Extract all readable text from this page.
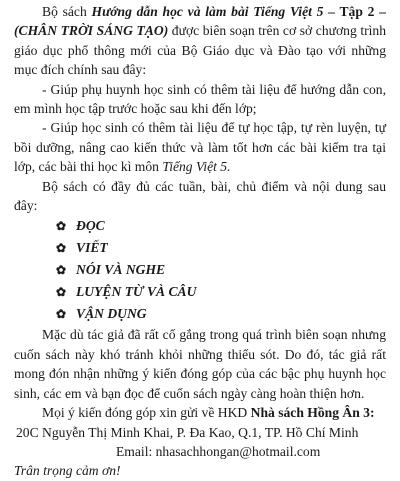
Bộ sách Hướng dẫn học và làm bài Tiếng Việt 5 – Tập 2 – (CHÂN TRỜI SÁNG TẠO) được biên soạn trên cơ sở chương trình giáo dục phổ thông mới của Bộ Giáo dục và Đào tạo với những mục đích chính sau đây:

- Giúp phụ huynh học sinh có thêm tài liệu để hướng dẫn con, em mình học tập trước hoặc sau khi đến lớp;

- Giúp học sinh có thêm tài liệu để tự học tập, tự rèn luyện, tự bồi dưỡng, nâng cao kiến thức và làm tốt hơn các bài kiểm tra tại lớp, các bài thi học kì môn Tiếng Việt 5.

Bộ sách có đầy đủ các tuần, bài, chủ điểm và nội dung sau đây:

✿ ĐỌC
✿ VIẾT
✿ NÓI VÀ NGHE
✿ LUYỆN TỪ VÀ CÂU
✿ VẬN DỤNG

Mặc dù tác giả đã rất cố gắng trong quá trình biên soạn nhưng cuốn sách này khó tránh khỏi những thiếu sót. Do đó, tác giả rất mong đón nhận những ý kiến đóng góp của các bậc phụ huynh học sinh, các em và bạn đọc để cuốn sách ngày càng hoàn thiện hơn.

Mọi ý kiến đóng góp xin gửi về HKD Nhà sách Hồng Ân 3:

20C Nguyễn Thị Minh Khai, P. Đa Kao, Q.1, TP. Hồ Chí Minh

Email: nhasachhongan@hotmail.com

Trân trọng cảm ơn!
